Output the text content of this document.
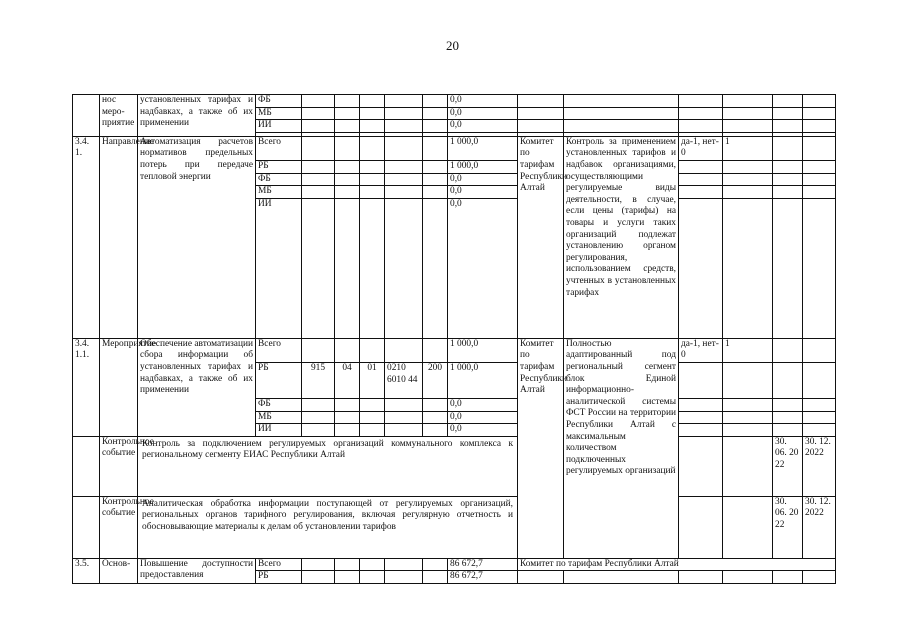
20
	нос меро-приятие	установленных тарифах и надбавках, а также об их применении	ФБ						0,0						
			МБ						0,0						
			ИИ						0,0						

3.4. 1.	Направление	Автоматизация расчетов нормативов предельных потерь при передаче тепловой энергии	Всего						1 000,0	Комитет по тарифам Республики Алтай	Контроль за применением установленных тарифов и надбавок организациями, осуществляющими регулируемые виды деятельности, в случае, если цены (тарифы) на товары и услуги таких организаций подлежат установлению органом регулирования, использованием средств, учтенных в установленных тарифах	да-1, нет- 0	1		
			РБ						1 000,0						
			ФБ						0,0						
			МБ						0,0						
			ИИ						0,0						
3.4. 1.1.	Мероприятие	Обеспечение автоматизации сбора информации об установленных тарифах и надбавках, а также об их применении	Всего						1 000,0	Комитет по тарифам Республики Алтай	Полностью адаптированный под региональный сегмент блок Единой информационно-аналитической системы ФСТ России на территории Республики Алтай с максимальным количеством подключенных регулируемых организаций	да-1, нет- 0	1		
			РБ	915	04	01	0210 6010 44	200	1 000,0						
			ФБ						0,0						
			МБ						0,0						
			ИИ						0,0						
	Контрольное событие	Контроль за подключением регулируемых организаций коммунального комплекса к региональному сегменту ЕИАС Республики Алтай												30. 06. 20 22	30. 12. 2022
	Контрольное событие	Аналитическая обработка информации поступающей от регулируемых организаций, региональных органов тарифного регулирования, включая регулярную отчетность и обосновывающие материалы к делам об установлении тарифов												30. 06. 20 22	30. 12. 2022
3.5.	Основ-	Повышение доступности предоставления	Всего						86 672,7	Комитет по тарифам Республики Алтай					
			РБ						86 672,7						
